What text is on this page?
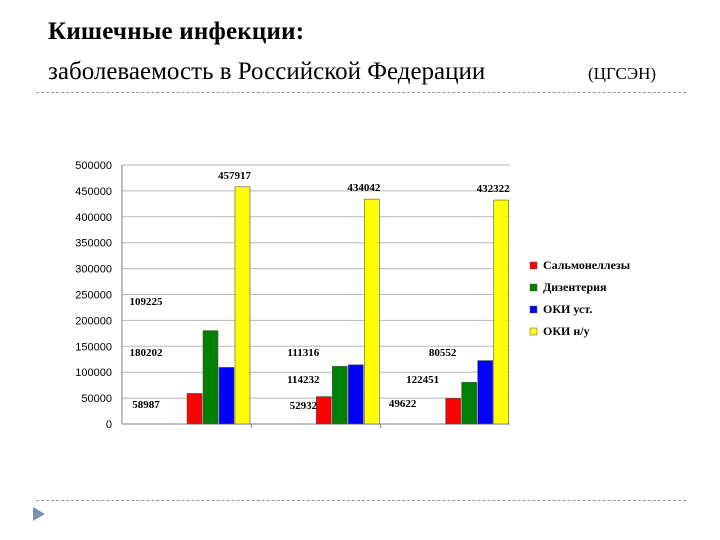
Кишечные инфекции:
заболеваемость в Российской Федерации	(ЦГСЭН)
0
50000
100000
150000
200000
250000
300000
350000
400000
450000
500000
58987
109225
180202
457917
52932
114232
111316
434042
49622
122451
80552
432322
Сальмонеллезы
Дизентерия
ОКИ уст.
ОКИ н/у
